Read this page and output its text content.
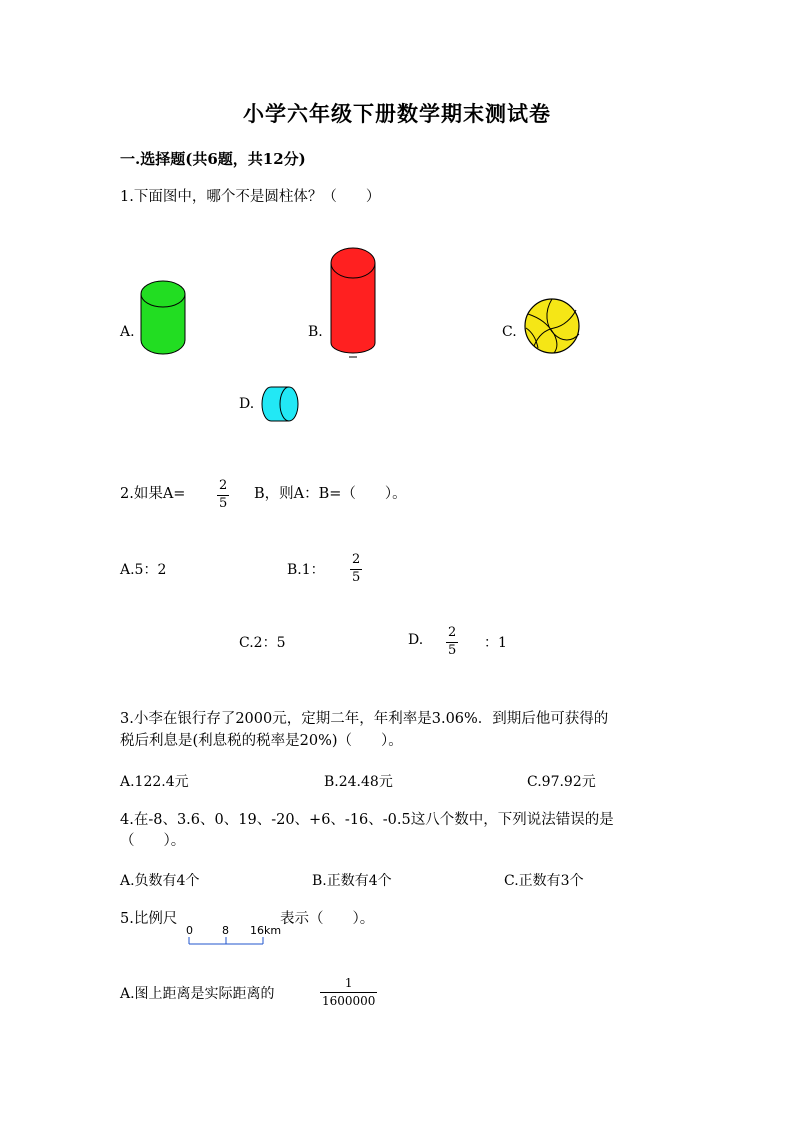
小学六年级下册数学期末测试卷
一.选择题(共6题，共12分)
1.下面图中，哪个不是圆柱体？（　　）
A.	B.	C.
D.
2.如果A=
2
5
B，则A：B=（　　）。
A.5：2	B.1：
2
5
C.2：5	D. 2
5 ：1
3.小李在银行存了2000元，定期二年，年利率是3.06%．到期后他可获得的
税后利息是(利息税的税率是20%)（　　）。
A.122.4元	B.24.48元	C.97.92元
4.在-8、3.6、0、19、-20、+6、-16、-0.5这八个数中，下列说法错误的是
（　　）。
A.负数有4个	B.正数有4个	C.正数有3个
5.比例尺
0	8 16km
表示（　　）。
A.图上距离是实际距离的
1
1600000
